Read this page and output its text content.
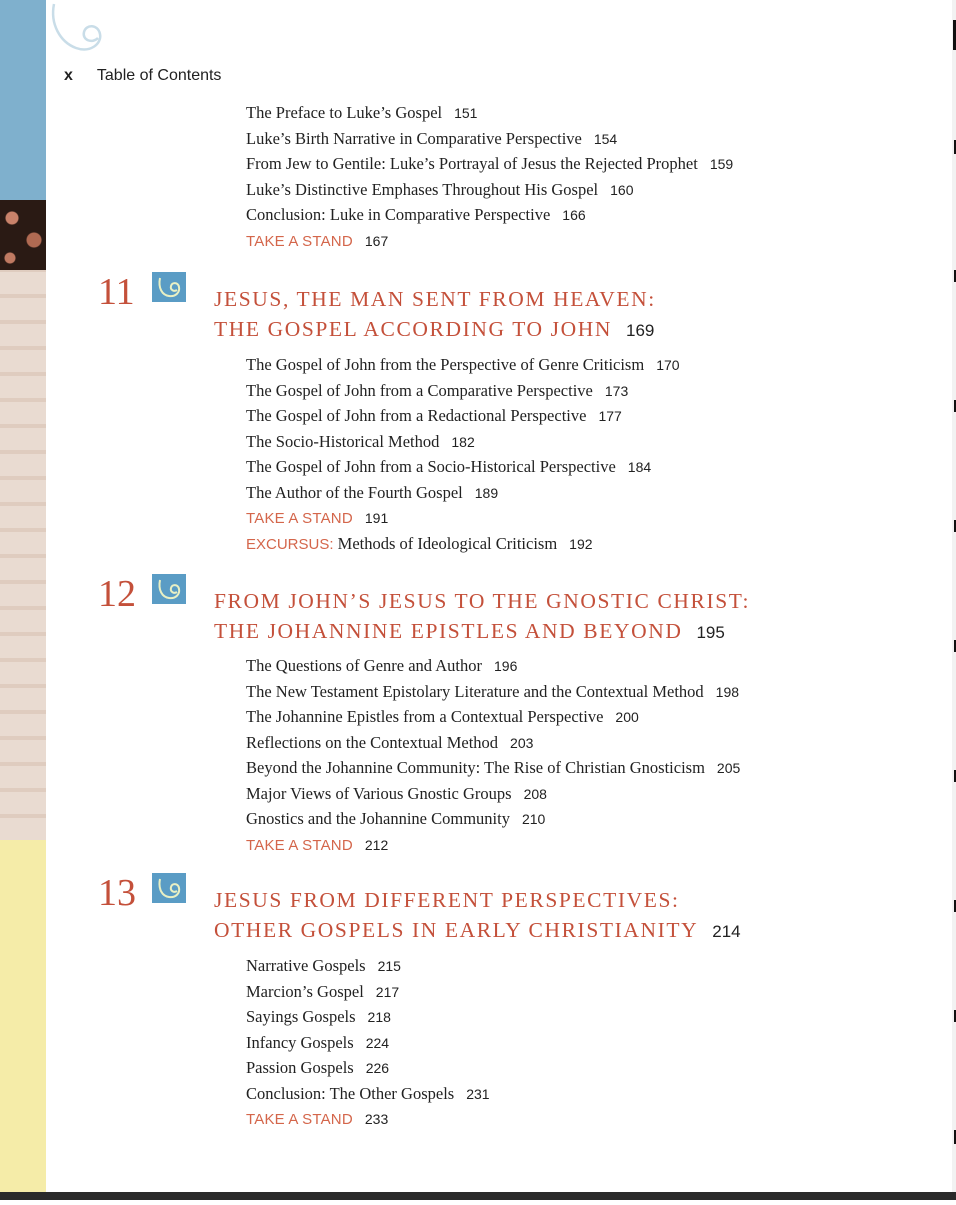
x Table of Contents
The Preface to Luke’s Gospel 151
Luke’s Birth Narrative in Comparative Perspective 154
From Jew to Gentile: Luke’s Portrayal of Jesus the Rejected Prophet 159
Luke’s Distinctive Emphases Throughout His Gospel 160
Conclusion: Luke in Comparative Perspective 166
TAKE A STAND 167
11	JESUS, THE MAN SENT FROM HEAVEN:
THE GOSPEL ACCORDING TO JOHN 169
The Gospel of John from the Perspective of Genre Criticism 170
The Gospel of John from a Comparative Perspective 173
The Gospel of John from a Redactional Perspective 177
The Socio-Historical Method 182
The Gospel of John from a Socio-Historical Perspective 184
The Author of the Fourth Gospel 189
TAKE A STAND 191
EXCURSUS: Methods of Ideological Criticism 192
12	FROM JOHN’S JESUS TO THE GNOSTIC CHRIST:
THE JOHANNINE EPISTLES AND BEYOND 195
The Questions of Genre and Author 196
The New Testament Epistolary Literature and the Contextual Method 198
The Johannine Epistles from a Contextual Perspective 200
Reflections on the Contextual Method 203
Beyond the Johannine Community: The Rise of Christian Gnosticism 205
Major Views of Various Gnostic Groups 208
Gnostics and the Johannine Community 210
TAKE A STAND 212
13	JESUS FROM DIFFERENT PERSPECTIVES:
OTHER GOSPELS IN EARLY CHRISTIANITY 214
Narrative Gospels 215
Marcion’s Gospel 217
Sayings Gospels 218
Infancy Gospels 224
Passion Gospels 226
Conclusion: The Other Gospels 231
TAKE A STAND 233
